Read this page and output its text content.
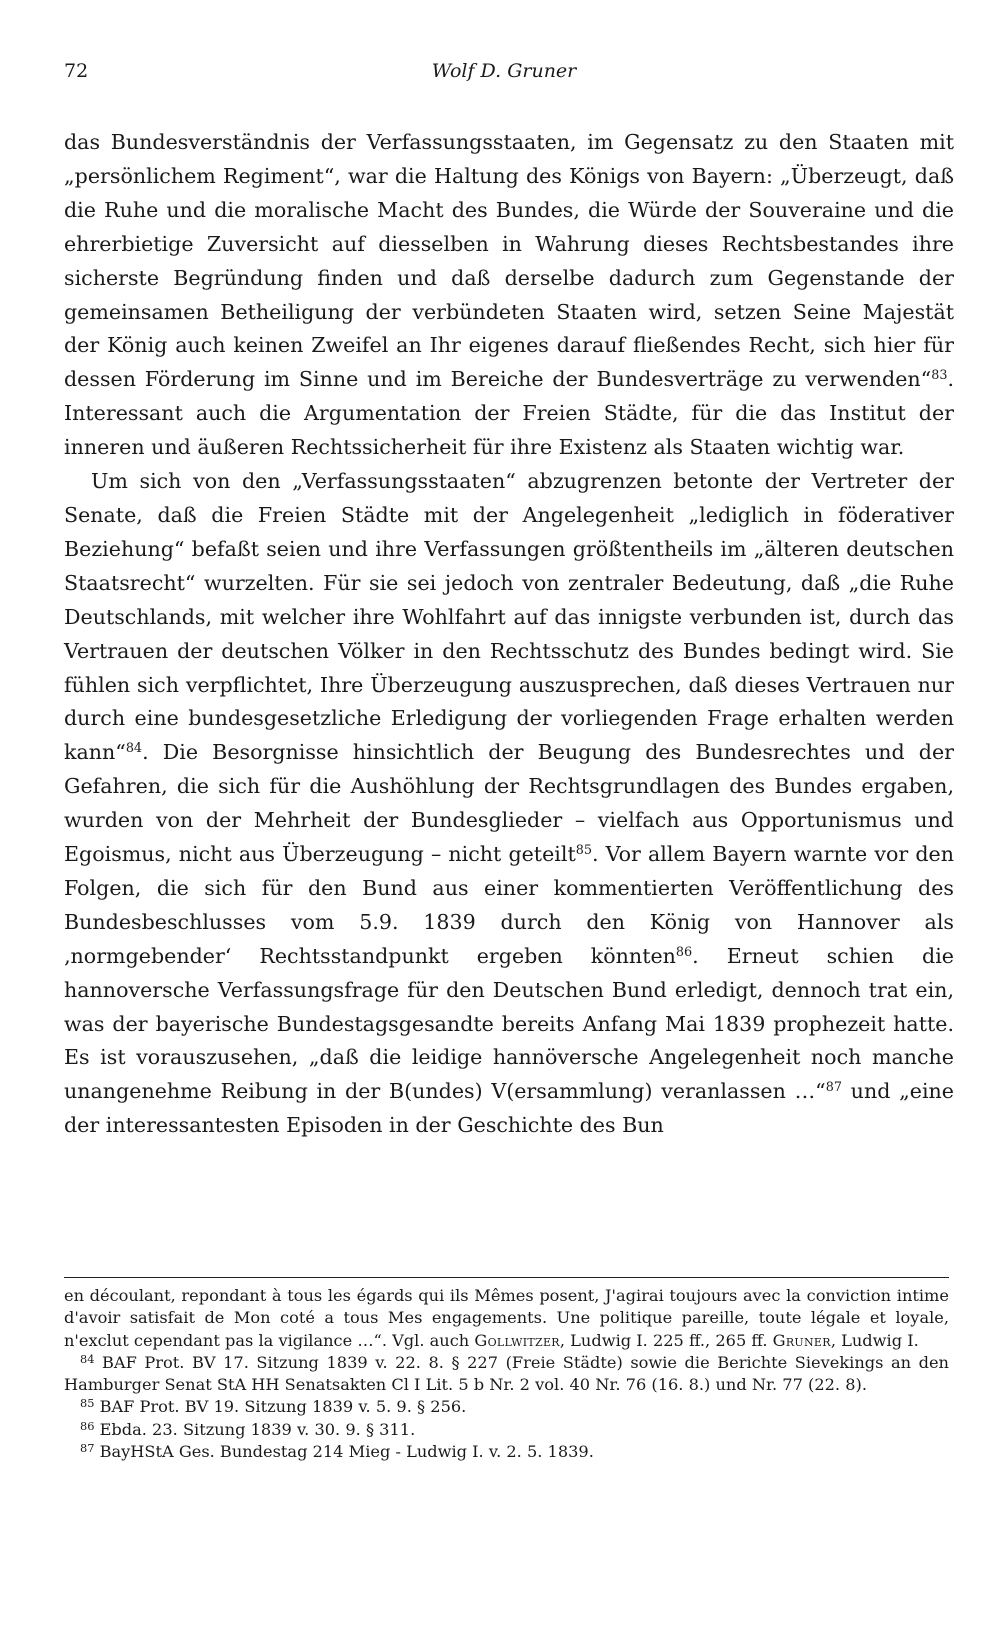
72	Wolf D. Gruner

das Bundesverständnis der Verfassungsstaaten, im Gegensatz zu den Staaten mit „persönlichem Regiment“, war die Haltung des Königs von Bayern: „Überzeugt, daß die Ruhe und die moralische Macht des Bundes, die Würde der Souveraine und die ehrerbietige Zuversicht auf diesselben in Wahrung dieses Rechtsbestandes ihre sicherste Begründung finden und daß derselbe dadurch zum Gegenstande der gemeinsamen Betheiligung der verbündeten Staaten wird, setzen Seine Majestät der König auch keinen Zweifel an Ihr eigenes darauf fließendes Recht, sich hier für dessen Förderung im Sinne und im Bereiche der Bundesverträge zu verwenden“$^{83}$. Interessant auch die Argumentation der Freien Städte, für die das Institut der inneren und äußeren Rechtssicherheit für ihre Existenz als Staaten wichtig war.

Um sich von den „Verfassungsstaaten“ abzugrenzen betonte der Vertreter der Senate, daß die Freien Städte mit der Angelegenheit „lediglich in föderativer Beziehung“ befaßt seien und ihre Verfassungen größtentheils im „älteren deutschen Staatsrecht“ wurzelten. Für sie sei jedoch von zentraler Bedeutung, daß „die Ruhe Deutschlands, mit welcher ihre Wohlfahrt auf das innigste verbunden ist, durch das Vertrauen der deutschen Völker in den Rechtsschutz des Bundes bedingt wird. Sie fühlen sich verpflichtet, Ihre Überzeugung auszusprechen, daß dieses Vertrauen nur durch eine bundesgesetzliche Erledigung der vorliegenden Frage erhalten werden kann“$^{84}$. Die Besorgnisse hinsichtlich der Beugung des Bundesrechtes und der Gefahren, die sich für die Aushöhlung der Rechtsgrundlagen des Bundes ergaben, wurden von der Mehrheit der Bundesglieder – vielfach aus Opportunismus und Egoismus, nicht aus Überzeugung – nicht geteilt$^{85}$. Vor allem Bayern warnte vor den Folgen, die sich für den Bund aus einer kommentierten Veröffentlichung des Bundesbeschlusses vom 5.9. 1839 durch den König von Hannover als ‚normgebender‘ Rechtsstandpunkt ergeben könnten$^{86}$. Erneut schien die hannoversche Verfassungsfrage für den Deutschen Bund erledigt, dennoch trat ein, was der bayerische Bundestagsgesandte bereits Anfang Mai 1839 prophezeit hatte. Es ist vorauszusehen, „daß die leidige hannöversche Angelegenheit noch manche unangenehme Reibung in der B(undes) V(ersammlung) veranlassen …“$^{87}$ und „eine der interessantesten Episoden in der Geschichte des Bun

en découlant, repondant à tous les égards qui ils Mêmes posent, J'agirai toujours avec la conviction intime d'avoir satisfait de Mon coté a tous Mes engagements. Une politique pareille, toute légale et loyale, n'exclut cependant pas la vigilance …“. Vgl. auch Gollwitzer, Ludwig I. 225 ff., 265 ff. Gruner, Ludwig I.

$^{84}$ BAF Prot. BV 17. Sitzung 1839 v. 22. 8. § 227 (Freie Städte) sowie die Berichte Sievekings an den Hamburger Senat StA HH Senatsakten Cl I Lit. 5 b Nr. 2 vol. 40 Nr. 76 (16. 8.) und Nr. 77 (22. 8).

$^{85}$ BAF Prot. BV 19. Sitzung 1839 v. 5. 9. § 256.

$^{86}$ Ebda. 23. Sitzung 1839 v. 30. 9. § 311.

$^{87}$ BayHStA Ges. Bundestag 214 Mieg - Ludwig I. v. 2. 5. 1839.
